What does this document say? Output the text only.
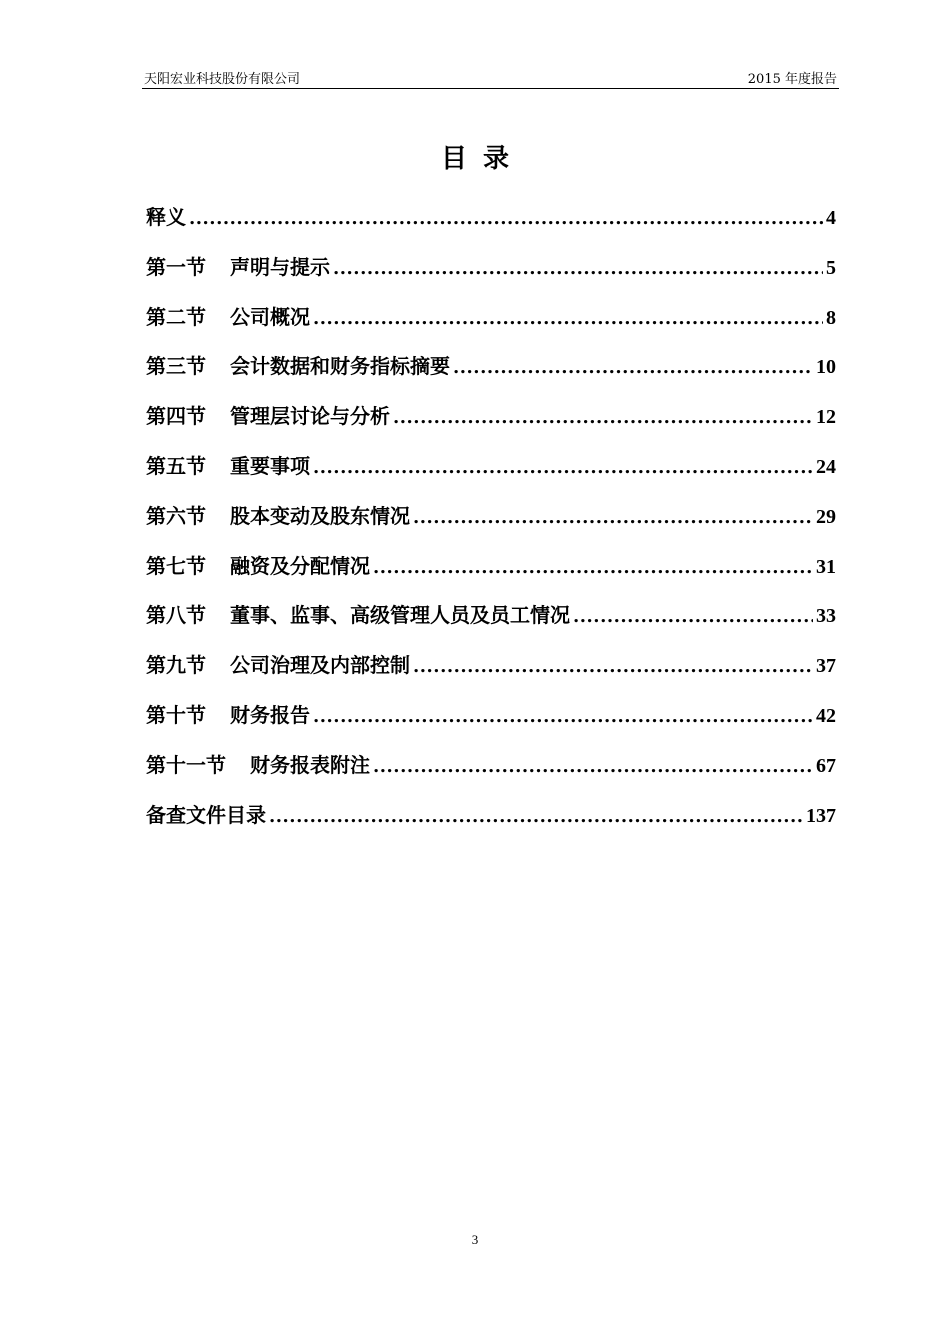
天阳宏业科技股份有限公司	2015 年度报告
目录
释义 .....	4
第一节 声明与提示 .....	5
第二节 公司概况 .....	8
第三节 会计数据和财务指标摘要 .....	10
第四节 管理层讨论与分析 .....	12
第五节 重要事项 .....	24
第六节 股本变动及股东情况 .....	29
第七节 融资及分配情况 .....	31
第八节 董事、监事、高级管理人员及员工情况 .....	33
第九节 公司治理及内部控制 .....	37
第十节 财务报告 .....	42
第十一节 财务报表附注 .....	67
备查文件目录 .....	137
3
